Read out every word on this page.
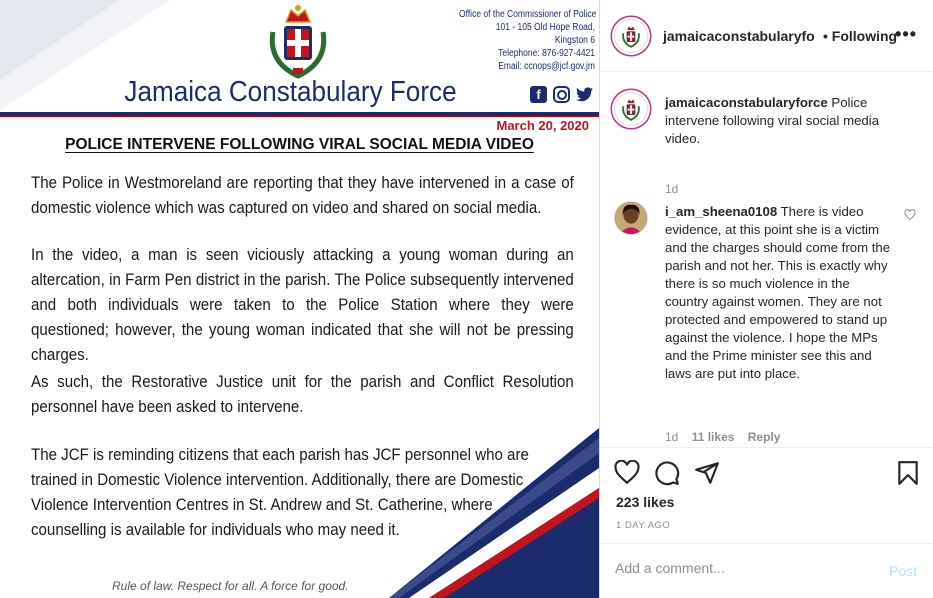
Jamaica Constabulary Force
Office of the Commissioner of Police
101 - 105 Old Hope Road,
Kingston 6
Telephone: 876-927-4421
Email: ccnops@jcf.gov.jm
f
March 20, 2020
POLICE INTERVENE FOLLOWING VIRAL SOCIAL MEDIA VIDEO

The Police in Westmoreland are reporting that they have intervened in a case of domestic violence which was captured on video and shared on social media.

In the video, a man is seen viciously attacking a young woman during an altercation, in Farm Pen district in the parish. The Police subsequently intervened and both individuals were taken to the Police Station where they were questioned; however, the young woman indicated that she will not be pressing charges.

As such, the Restorative Justice unit for the parish and Conflict Resolution personnel have been asked to intervene.

The JCF is reminding citizens that each parish has JCF personnel who are trained in Domestic Violence intervention. Additionally, there are Domestic Violence Intervention Centres in St. Andrew and St. Catherine, where counselling is available for individuals who may need it.

Rule of law. Respect for all. A force for good.
jamaicaconstabularyfo • Following
•••
jamaicaconstabularyforce Police intervene following viral social media video.
1d
i_am_sheena0108 There is video evidence, at this point she is a victim and the charges should come from the parish and not her. This is exactly why there is so much violence in the country against women. They are not protected and empowered to stand up against the violence. I hope the MPs and the Prime minister see this and laws are put into place.
1d 11 likes Reply
223 likes
1 DAY AGO
Add a comment...
Post
